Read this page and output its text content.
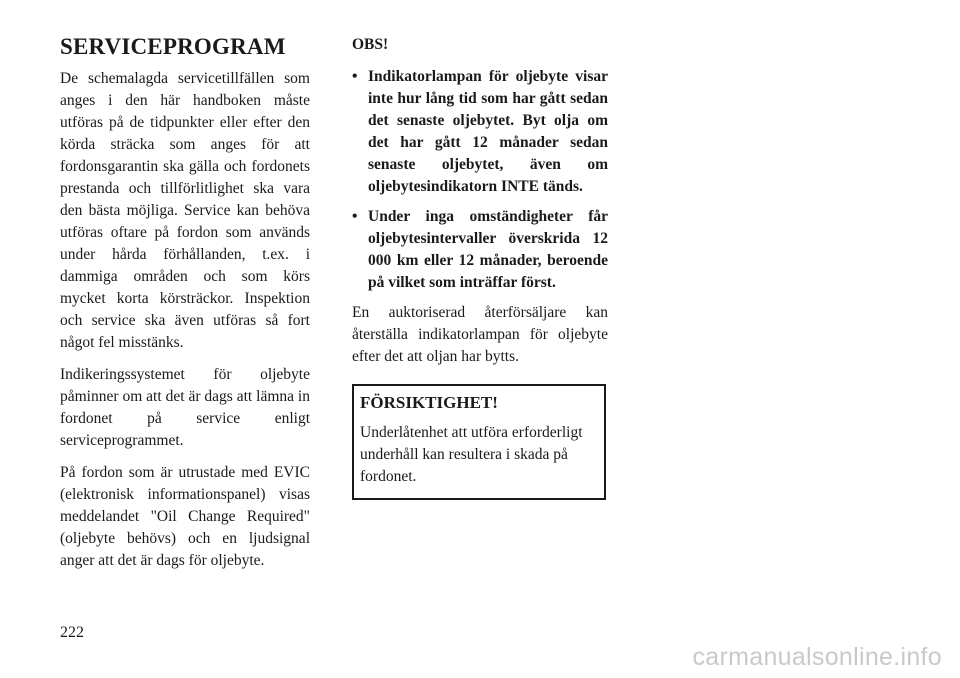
SERVICEPROGRAM

De schemalagda servicetillfällen som anges i den här handboken måste utföras på de tidpunkter eller efter den körda sträcka som anges för att fordonsgarantin ska gälla och fordonets prestanda och tillförlitlighet ska vara den bästa möjliga. Service kan behöva utföras oftare på fordon som används under hårda förhållanden, t.ex. i dammiga områden och som körs mycket korta körsträckor. Inspektion och service ska även utföras så fort något fel misstänks.

Indikeringssystemet för oljebyte påminner om att det är dags att lämna in fordonet på service enligt serviceprogrammet.

På fordon som är utrustade med EVIC (elektronisk informationspanel) visas meddelandet "Oil Change Required" (oljebyte behövs) och en ljudsignal anger att det är dags för oljebyte.

OBS!
• Indikatorlampan för oljebyte visar inte hur lång tid som har gått sedan det senaste oljebytet. Byt olja om det har gått 12 månader sedan senaste oljebytet, även om oljebytesindikatorn INTE tänds.
• Under inga omständigheter får oljebytesintervaller överskrida 12 000 km eller 12 månader, beroende på vilket som inträffar först.

En auktoriserad återförsäljare kan återställa indikatorlampan för oljebyte efter det att oljan har bytts.

FÖRSIKTIGHET!

Underlåtenhet att utföra erforderligt underhåll kan resultera i skada på fordonet.

222
carmanualsonline.info
